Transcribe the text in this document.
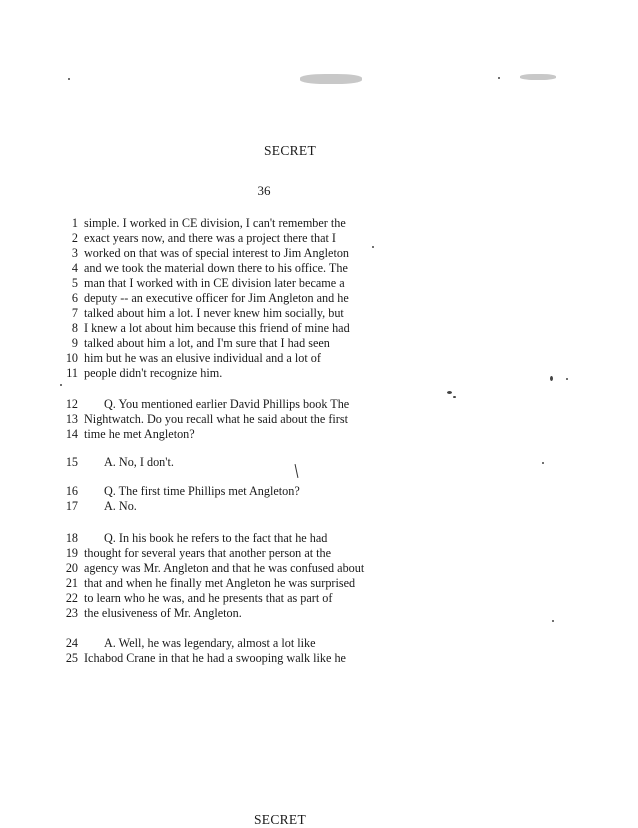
SECRET
36
1 simple. I worked in CE division, I can't remember the
2 exact years now, and there was a project there that I
3 worked on that was of special interest to Jim Angleton
4 and we took the material down there to his office. The
5 man that I worked with in CE division later became a
6 deputy -- an executive officer for Jim Angleton and he
7 talked about him a lot. I never knew him socially, but
8 I knew a lot about him because this friend of mine had
9 talked about him a lot, and I'm sure that I had seen
10 him but he was an elusive individual and a lot of
11 people didn't recognize him.
12 Q. You mentioned earlier David Phillips book The
13 Nightwatch. Do you recall what he said about the first
14 time he met Angleton?
15 A. No, I don't.
16 Q. The first time Phillips met Angleton?
17 A. No.
18 Q. In his book he refers to the fact that he had
19 thought for several years that another person at the
20 agency was Mr. Angleton and that he was confused about
21 that and when he finally met Angleton he was surprised
22 to learn who he was, and he presents that as part of
23 the elusiveness of Mr. Angleton.
24 A. Well, he was legendary, almost a lot like
25 Ichabod Crane in that he had a swooping walk like he
SECRET
